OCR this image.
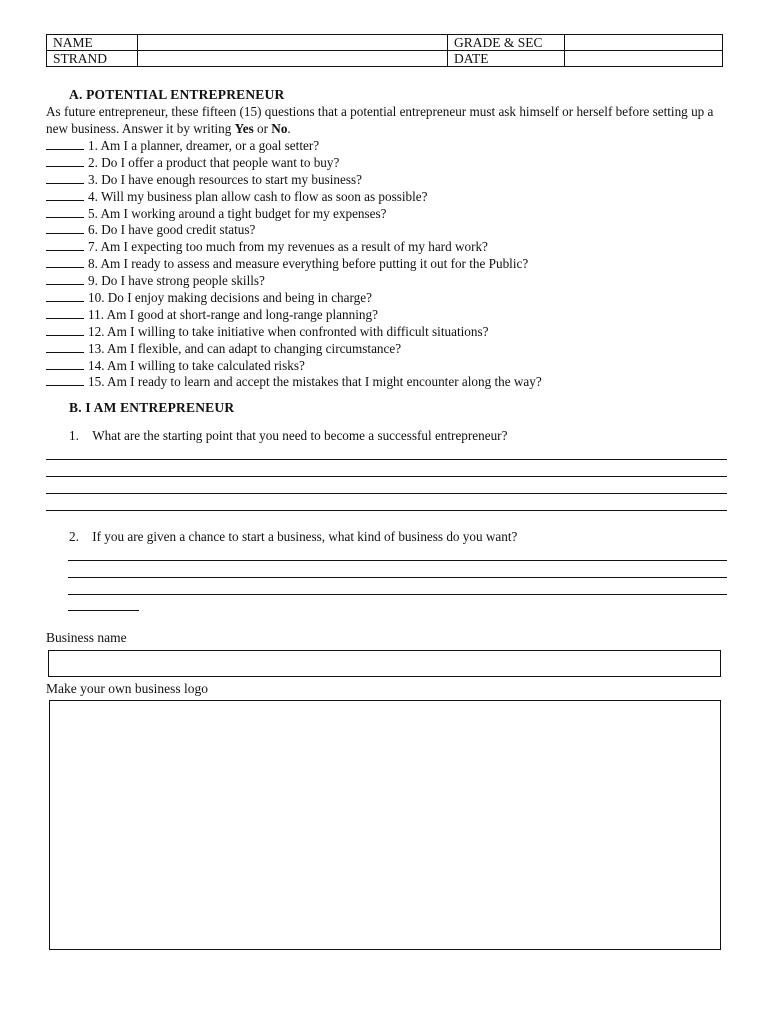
NAME		GRADE & SEC	
STRAND		DATE	
A. POTENTIAL ENTREPRENEUR
As future entrepreneur, these fifteen (15) questions that a potential entrepreneur must ask himself or herself before setting up a new business. Answer it by writing Yes or No.
1. Am I a planner, dreamer, or a goal setter?
2. Do I offer a product that people want to buy?
3. Do I have enough resources to start my business?
4. Will my business plan allow cash to flow as soon as possible?
5. Am I working around a tight budget for my expenses?
6. Do I have good credit status?
7. Am I expecting too much from my revenues as a result of my hard work?
8. Am I ready to assess and measure everything before putting it out for the Public?
9. Do I have strong people skills?
10. Do I enjoy making decisions and being in charge?
11. Am I good at short-range and long-range planning?
12. Am I willing to take initiative when confronted with difficult situations?
13. Am I flexible, and can adapt to changing circumstance?
14. Am I willing to take calculated risks?
15. Am I ready to learn and accept the mistakes that I might encounter along the way?
B. I AM ENTREPRENEUR
1. What are the starting point that you need to become a successful entrepreneur?
2. If you are given a chance to start a business, what kind of business do you want?
Business name
Make your own business logo
